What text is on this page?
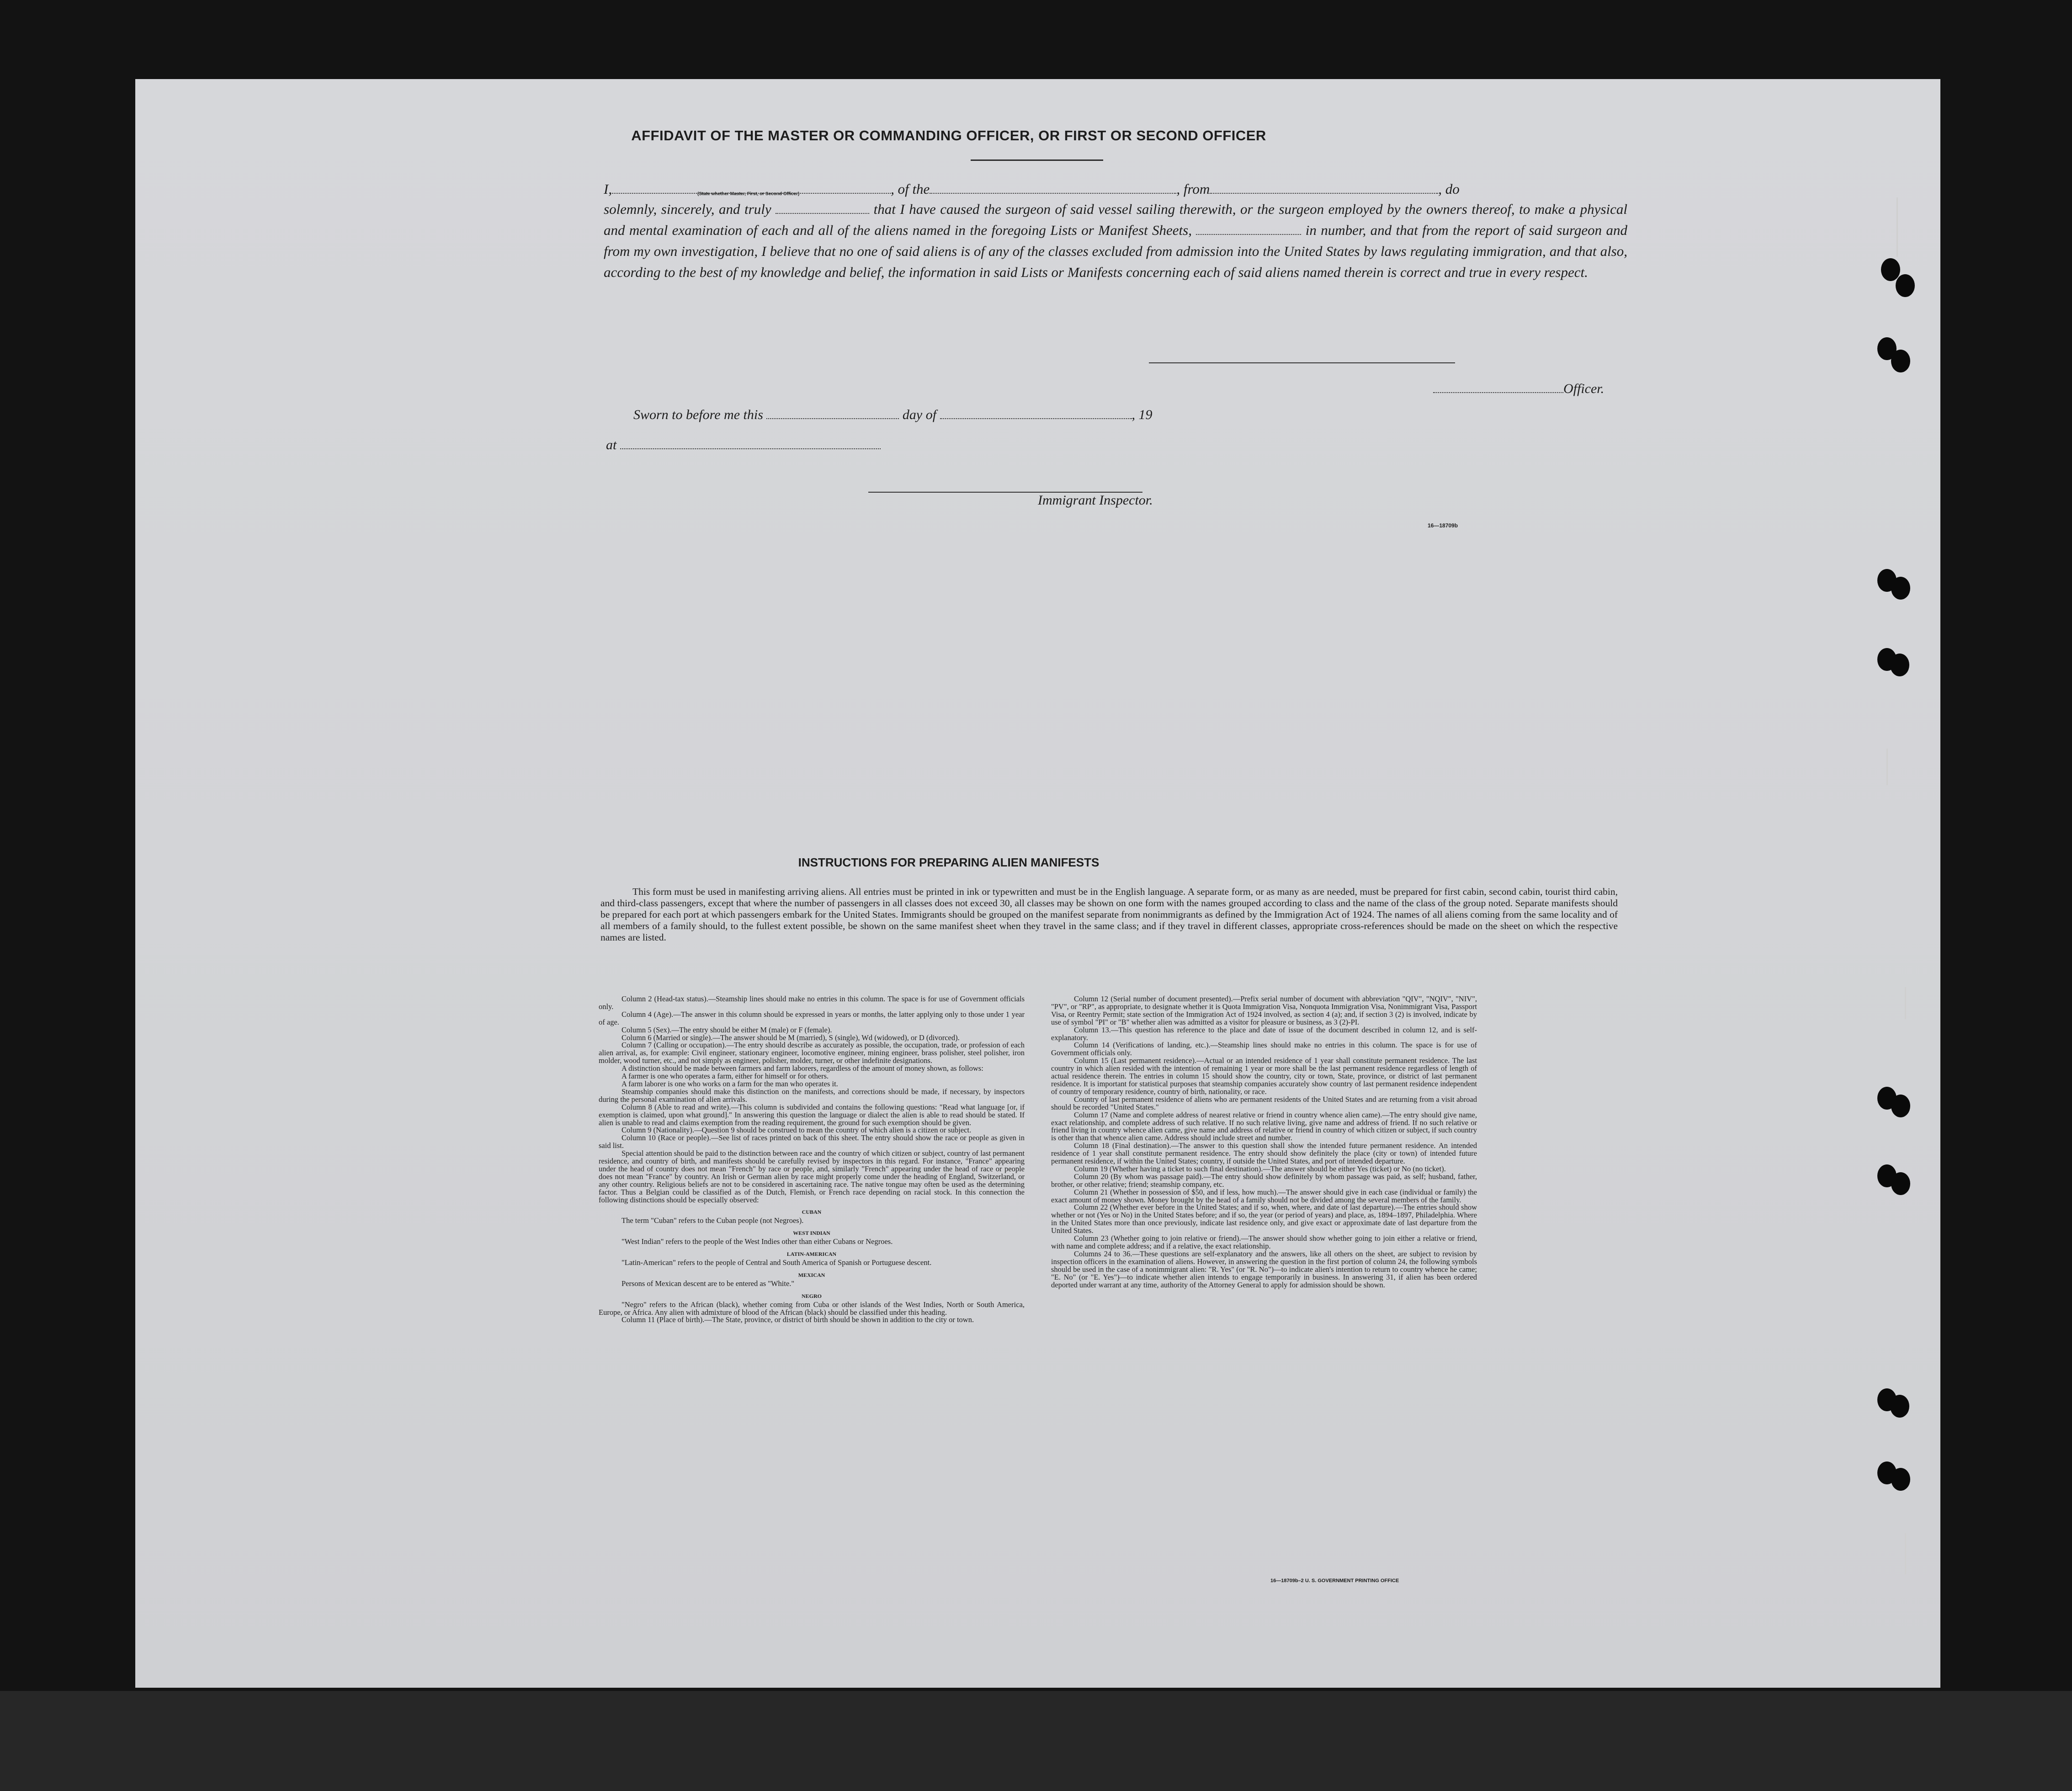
AFFIDAVIT OF THE MASTER OR COMMANDING OFFICER, OR FIRST OR SECOND OFFICER
I,	, of the	, from	, do
(State whether Master, First, or Second Officer)
solemnly, sincerely, and truly	that I have caused the surgeon of said vessel sailing therewith, or the surgeon employed by the owners thereof, to make a physical and mental examination of each and all of the aliens named in the foregoing Lists or Manifest Sheets,	in number, and that from the report of said surgeon and from my own investigation, I believe that no one of said aliens is of any of the classes excluded from admission into the United States by laws regulating immigration, and that also, according to the best of my knowledge and belief, the information in said Lists or Manifests concerning each of said aliens named therein is correct and true in every respect.
Officer.
Sworn to before me this	day of	, 19
at
Immigrant Inspector.
16—18709b
INSTRUCTIONS FOR PREPARING ALIEN MANIFESTS

This form must be used in manifesting arriving aliens. All entries must be printed in ink or typewritten and must be in the English language. A separate form, or as many as are needed, must be prepared for first cabin, second cabin, tourist third cabin, and third-class passengers, except that where the number of passengers in all classes does not exceed 30, all classes may be shown on one form with the names grouped according to class and the name of the class of the group noted. Separate manifests should be prepared for each port at which passengers embark for the United States. Immigrants should be grouped on the manifest separate from nonimmigrants as defined by the Immigration Act of 1924. The names of all aliens coming from the same locality and of all members of a family should, to the fullest extent possible, be shown on the same manifest sheet when they travel in the same class; and if they travel in different classes, appropriate cross-references should be made on the sheet on which the respective names are listed.

Column 2 (Head-tax status).—Steamship lines should make no entries in this column. The space is for use of Government officials only.

Column 4 (Age).—The answer in this column should be expressed in years or months, the latter applying only to those under 1 year of age.

Column 5 (Sex).—The entry should be either M (male) or F (female).

Column 6 (Married or single).—The answer should be M (married), S (single), Wd (widowed), or D (divorced).

Column 7 (Calling or occupation).—The entry should describe as accurately as possible, the occupation, trade, or profession of each alien arrival, as, for example: Civil engineer, stationary engineer, locomotive engineer, mining engineer, brass polisher, steel polisher, iron molder, wood turner, etc., and not simply as engineer, polisher, molder, turner, or other indefinite designations.

A distinction should be made between farmers and farm laborers, regardless of the amount of money shown, as follows:

A farmer is one who operates a farm, either for himself or for others.

A farm laborer is one who works on a farm for the man who operates it.

Steamship companies should make this distinction on the manifests, and corrections should be made, if necessary, by inspectors during the personal examination of alien arrivals.

Column 8 (Able to read and write).—This column is subdivided and contains the following questions: "Read what language [or, if exemption is claimed, upon what ground]." In answering this question the language or dialect the alien is able to read should be stated. If alien is unable to read and claims exemption from the reading requirement, the ground for such exemption should be given.

Column 9 (Nationality).—Question 9 should be construed to mean the country of which alien is a citizen or subject.

Column 10 (Race or people).—See list of races printed on back of this sheet. The entry should show the race or people as given in said list.

Special attention should be paid to the distinction between race and the country of which citizen or subject, country of last permanent residence, and country of birth, and manifests should be carefully revised by inspectors in this regard. For instance, "France" appearing under the head of country does not mean "French" by race or people, and, similarly "French" appearing under the head of race or people does not mean "France" by country. An Irish or German alien by race might properly come under the heading of England, Switzerland, or any other country. Religious beliefs are not to be considered in ascertaining race. The native tongue may often be used as the determining factor. Thus a Belgian could be classified as of the Dutch, Flemish, or French race depending on racial stock. In this connection the following distinctions should be especially observed:

CUBAN

The term "Cuban" refers to the Cuban people (not Negroes).

WEST INDIAN

"West Indian" refers to the people of the West Indies other than either Cubans or Negroes.

LATIN-AMERICAN

"Latin-American" refers to the people of Central and South America of Spanish or Portuguese descent.

MEXICAN

Persons of Mexican descent are to be entered as "White."

NEGRO

"Negro" refers to the African (black), whether coming from Cuba or other islands of the West Indies, North or South America, Europe, or Africa. Any alien with admixture of blood of the African (black) should be classified under this heading.

Column 11 (Place of birth).—The State, province, or district of birth should be shown in addition to the city or town.

Column 12 (Serial number of document presented).—Prefix serial number of document with abbreviation "QIV", "NQIV", "NIV", "PV", or "RP", as appropriate, to designate whether it is Quota Immigration Visa, Nonquota Immigration Visa, Nonimmigrant Visa, Passport Visa, or Reentry Permit; state section of the Immigration Act of 1924 involved, as section 4 (a); and, if section 3 (2) is involved, indicate by use of symbol "PI" or "B" whether alien was admitted as a visitor for pleasure or business, as 3 (2)-PI.

Column 13.—This question has reference to the place and date of issue of the document described in column 12, and is self-explanatory.

Column 14 (Verifications of landing, etc.).—Steamship lines should make no entries in this column. The space is for use of Government officials only.

Column 15 (Last permanent residence).—Actual or an intended residence of 1 year shall constitute permanent residence. The last country in which alien resided with the intention of remaining 1 year or more shall be the last permanent residence regardless of length of actual residence therein. The entries in column 15 should show the country, city or town, State, province, or district of last permanent residence. It is important for statistical purposes that steamship companies accurately show country of last permanent residence independent of country of temporary residence, country of birth, nationality, or race.

Country of last permanent residence of aliens who are permanent residents of the United States and are returning from a visit abroad should be recorded "United States."

Column 17 (Name and complete address of nearest relative or friend in country whence alien came).—The entry should give name, exact relationship, and complete address of such relative. If no such relative living, give name and address of friend. If no such relative or friend living in country whence alien came, give name and address of relative or friend in country of which citizen or subject, if such country is other than that whence alien came. Address should include street and number.

Column 18 (Final destination).—The answer to this question shall show the intended future permanent residence. An intended residence of 1 year shall constitute permanent residence. The entry should show definitely the place (city or town) of intended future permanent residence, if within the United States; country, if outside the United States, and port of intended departure.

Column 19 (Whether having a ticket to such final destination).—The answer should be either Yes (ticket) or No (no ticket).

Column 20 (By whom was passage paid).—The entry should show definitely by whom passage was paid, as self; husband, father, brother, or other relative; friend; steamship company, etc.

Column 21 (Whether in possession of $50, and if less, how much).—The answer should give in each case (individual or family) the exact amount of money shown. Money brought by the head of a family should not be divided among the several members of the family.

Column 22 (Whether ever before in the United States; and if so, when, where, and date of last departure).—The entries should show whether or not (Yes or No) in the United States before; and if so, the year (or period of years) and place, as, 1894–1897, Philadelphia. Where in the United States more than once previously, indicate last residence only, and give exact or approximate date of last departure from the United States.

Column 23 (Whether going to join relative or friend).—The answer should show whether going to join either a relative or friend, with name and complete address; and if a relative, the exact relationship.

Columns 24 to 36.—These questions are self-explanatory and the answers, like all others on the sheet, are subject to revision by inspection officers in the examination of aliens. However, in answering the question in the first portion of column 24, the following symbols should be used in the case of a nonimmigrant alien: "R. Yes" (or "R. No")—to indicate alien's intention to return to country whence he came; "E. No" (or "E. Yes")—to indicate whether alien intends to engage temporarily in business. In answering 31, if alien has been ordered deported under warrant at any time, authority of the Attorney General to apply for admission should be shown.

16—18709b–2 U. S. GOVERNMENT PRINTING OFFICE
